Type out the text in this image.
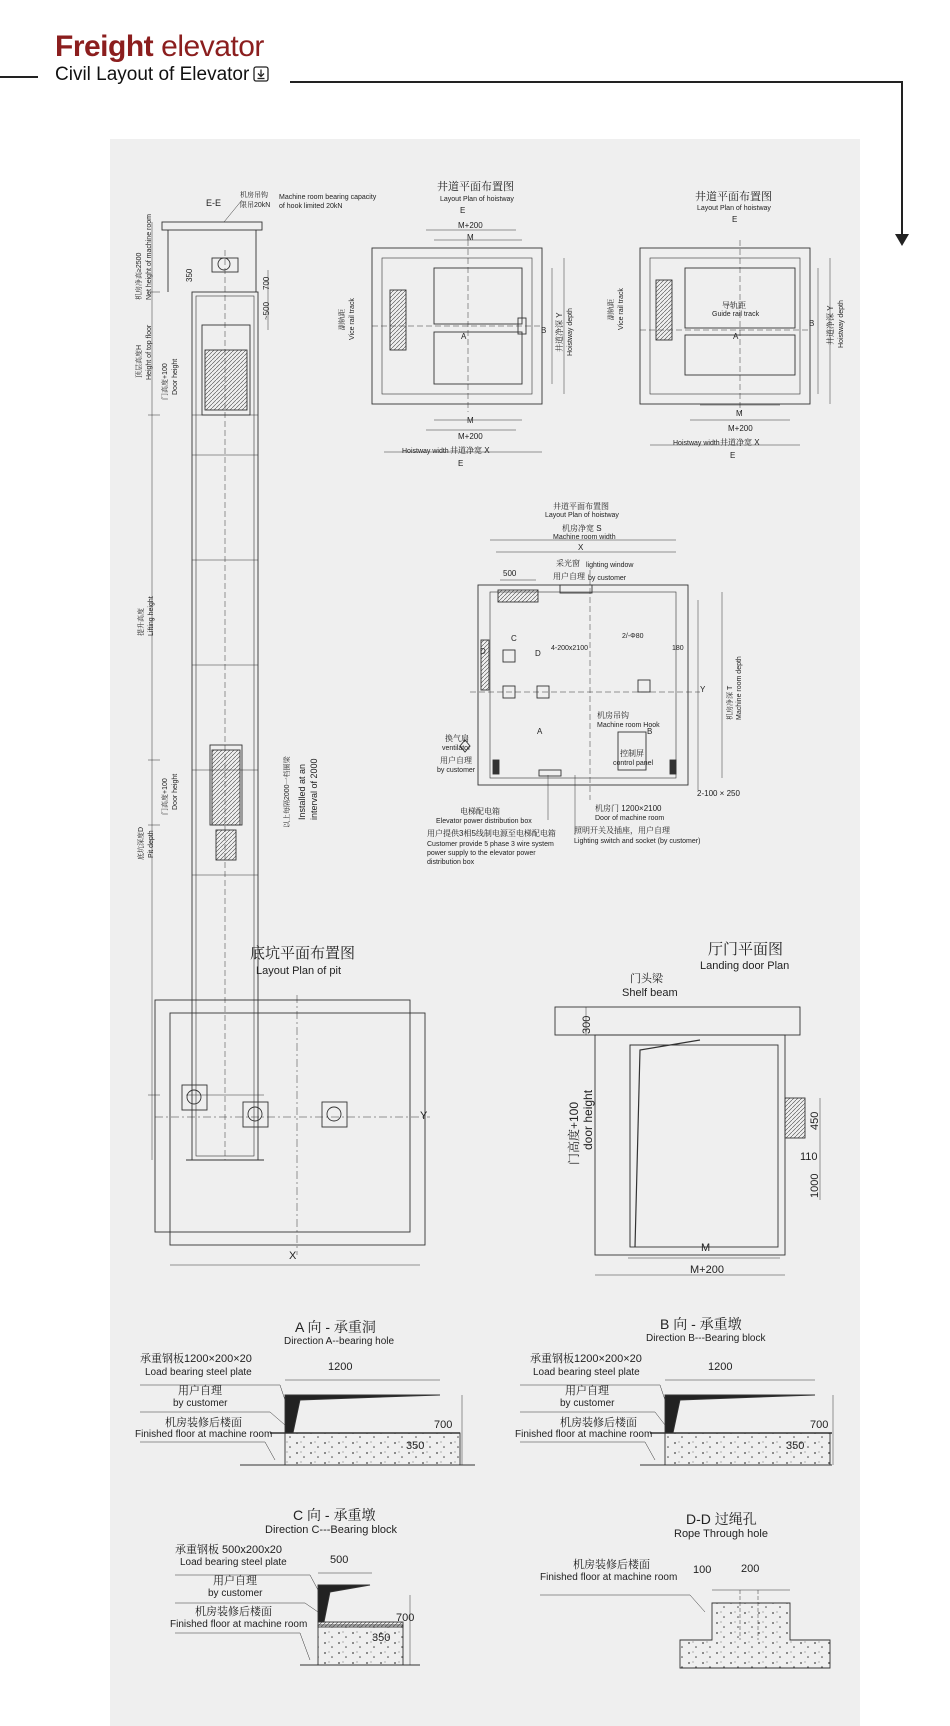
Freight elevator
Civil Layout of Elevator
E-E
机房吊钩 Machine room bearing capacity
限吊20kN of hook limited 20kN
机房净高≥2500 Net height of machine room
顶层高度H Height of top floor
门高度+100 Door height
提升高度 Lifting height
门高度+100 Door height
底坑深度D Pit depth
350
700
~500
以上每隔2000一档圈梁 Installed at an interval of 2000
井道平面布置图
Layout Plan of hoistway
E
M+200
M
A
B
M
M+200
Hoistway width 井道净宽 X
E
井道净深 Y Hoistway depth
副轨距 Vice rail track
井道平面布置图
Layout Plan of hoistway
E
导轨距
Guide rail track
A
B
M
M+200
Hoistway width 井道净宽 X
E
井道净深 Y Hoistway depth
副轨距 Vice rail track
井道平面布置图
Layout Plan of hoistway
机房净宽 S
Machine room width
X
500
采光窗 lighting window
用户自理 by customer
4-200x2100
2/-Φ80
180
C
D	D
Y	机房净深 T Machine room depth
机房吊钩
Machine room Hook
A	B
换气扇
ventilator
用户自理
by customer
控制屏
control panel
2-100 × 250
机房门 1200×2100
Door of machine room
电梯配电箱
Elevator power distribution box
用户提供3相5线制电源至电梯配电箱
Customer provide 5 phase 3 wire system
power supply to the elevator power
distribution box
照明开关及插座，用户自理
Lighting switch and socket (by customer)
底坑平面布置图
Layout Plan of pit
Y
X
厅门平面图
Landing door Plan
门头梁
Shelf beam
300
门高度+100 door height	450
110
1000
M
M+200
A 向 - 承重洞
Direction A--bearing hole
承重钢板1200×200×20
Load bearing steel plate
用户自理
by customer
机房装修后楼面
Finished floor at machine room
1200
700
350
B 向 - 承重墩
Direction B---Bearing block
承重钢板1200×200×20
Load bearing steel plate
用户自理
by customer
机房装修后楼面
Finished floor at machine room
1200
700
350
C 向 - 承重墩
Direction C---Bearing block
承重钢板 500x200x20
Load bearing steel plate
用户自理
by customer
机房装修后楼面
Finished floor at machine room
500
700
350
D-D 过绳孔
Rope Through hole
机房装修后楼面
Finished floor at machine room
100	200
